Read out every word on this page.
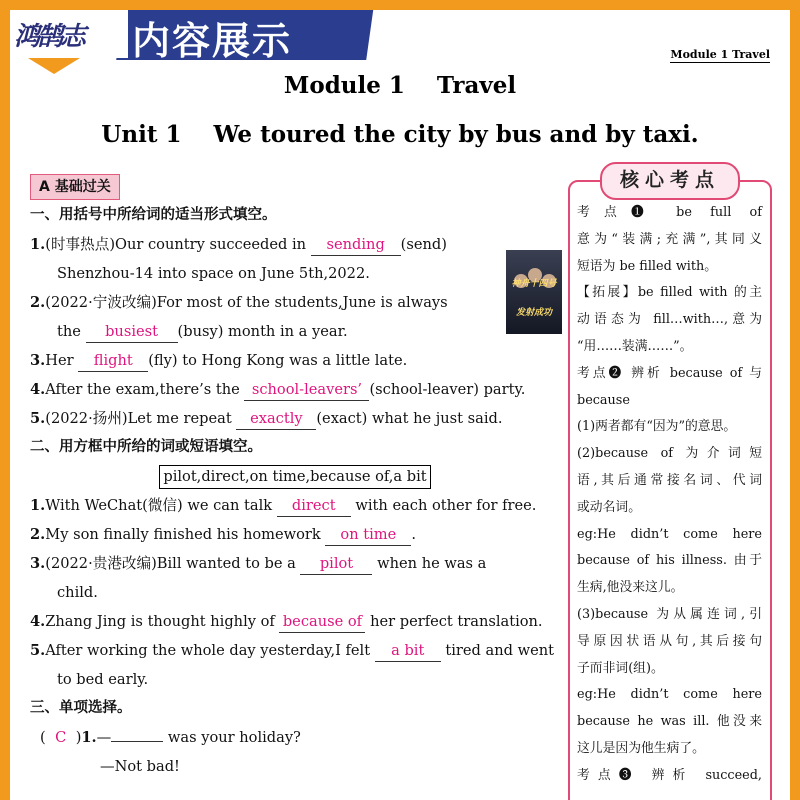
鸿鹄志 内容展示	Module 1 Travel
Module 1    Travel
Unit 1    We toured the city by bus and by taxi.
A 基础过关
一、用括号中所给词的适当形式填空。
1.(时事热点)Our country succeeded in sending (send)
Shenzhou-14 into space on June 5th,2022.
2.(2022·宁波改编)For most of the students,June is always
the busiest (busy) month in a year.
3.Her flight (fly) to Hong Kong was a little late.
4.After the exam,there’s the school-leavers’ (school-leaver) party.
5.(2022·扬州)Let me repeat exactly (exact) what he just said.
二、用方框中所给的词或短语填空。
pilot,direct,on time,because of,a bit
1.With WeChat(微信) we can talk direct with each other for free.
2.My son finally finished his homework on time .
3.(2022·贵港改编)Bill wanted to be a pilot when he was a
child.
4.Zhang Jing is thought highly of because of her perfect translation.
5.After working the whole day yesterday,I felt a bit tired and went
to bed early.
三、单项选择。
( C )1.—	was your holiday?
—Not bad!
神舟十四号发射成功
核心考点

考点❶ be full of

意为“装满;充满”,其同义

短语为 be filled with。

【拓展】be filled with 的主

动语态为 fill…with…,意为

“用……装满……”。

考点❷ 辨析 because of 与

because

(1)两者都有“因为”的意思。

(2)because of 为介词短

语,其后通常接名词、代词

或动名词。

eg:He didn’t come here

because of his illness. 由于

生病,他没来这儿。

(3)because 为从属连词,引

导原因状语从句,其后接句

子而非词(组)。

eg:He didn’t come here

because he was ill. 他没来

这儿是因为他生病了。

考点❸ 辨析 succeed,
